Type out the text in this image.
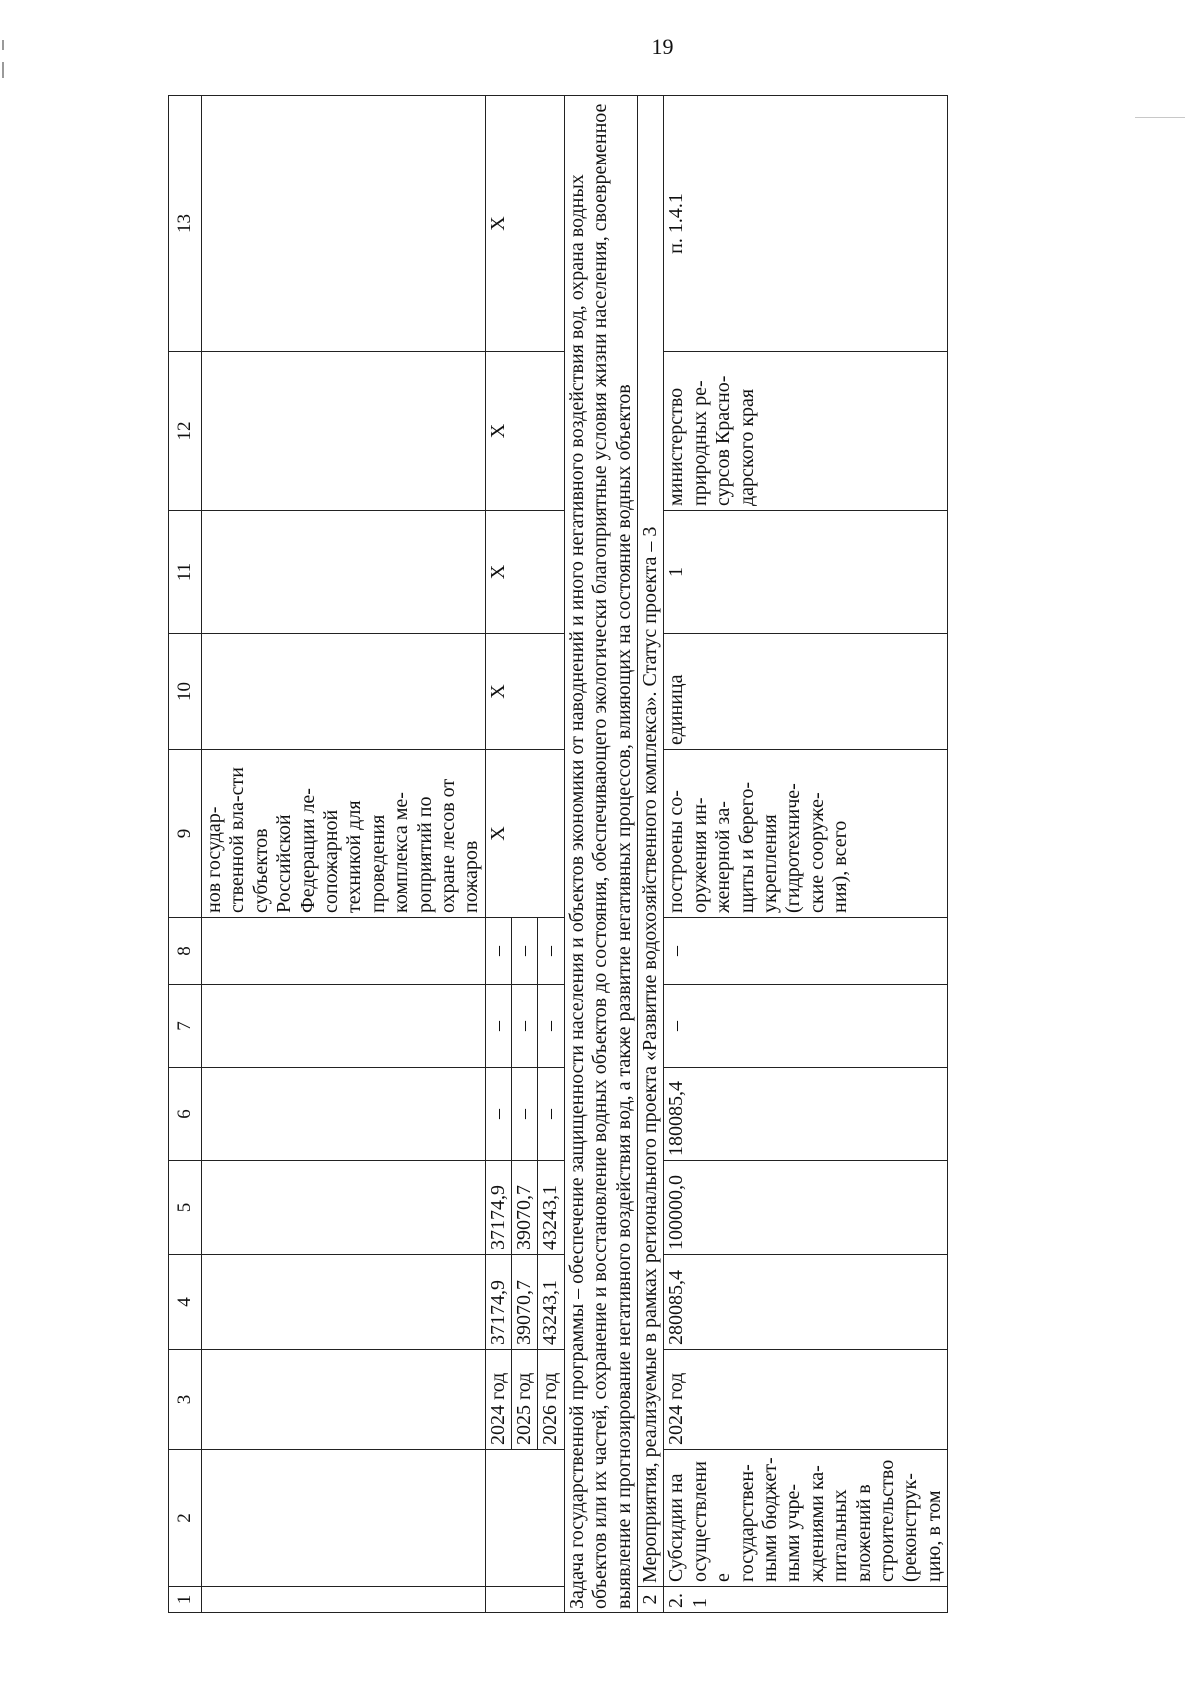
19
1	2	3	4	5	6	7	8	9	10	11	12	13
								нов государ-ственной вла-сти субъектов Российской Федерации ле-сопожарной техникой для проведения комплекса ме-роприятий по охране лесов от пожаров				
		2024 год	37174,9	37174,9	–	–	–	Х	Х	Х	Х	Х
		2025 год	39070,7	39070,7	–	–	–					
		2026 год	43243,1	43243,1	–	–	–					
Задача государственной программы – обеспечение защищенности населения и объектов экономики от наводнений и иного негативного воздействия вод, охрана водных объектов или их частей, сохранение и восстановление водных объектов до состояния, обеспечивающего экологически благоприятные условия жизни населения, своевременное выявление и прогнозирование негативного воздействия вод, а также развитие негативных процессов, влияющих на состояние водных объектов												
2	Мероприятия, реализуемые в рамках регионального проекта «Развитие водохозяйственного комплекса». Статус проекта – 3											
2.1	Субсидии на осуществление государствен-ными бюджет-ными учре-ждениями ка-питальных вложений в строительство (реконструк-цию, в том	2024 год	280085,4	100000,0	180085,4	–	–	построены со-оружения ин-женерной за-щиты и берего-укрепления (гидротехниче-ские сооруже-ния), всего	единица	1	министерство природных ре-сурсов Красно-дарского края	п. 1.4.1
